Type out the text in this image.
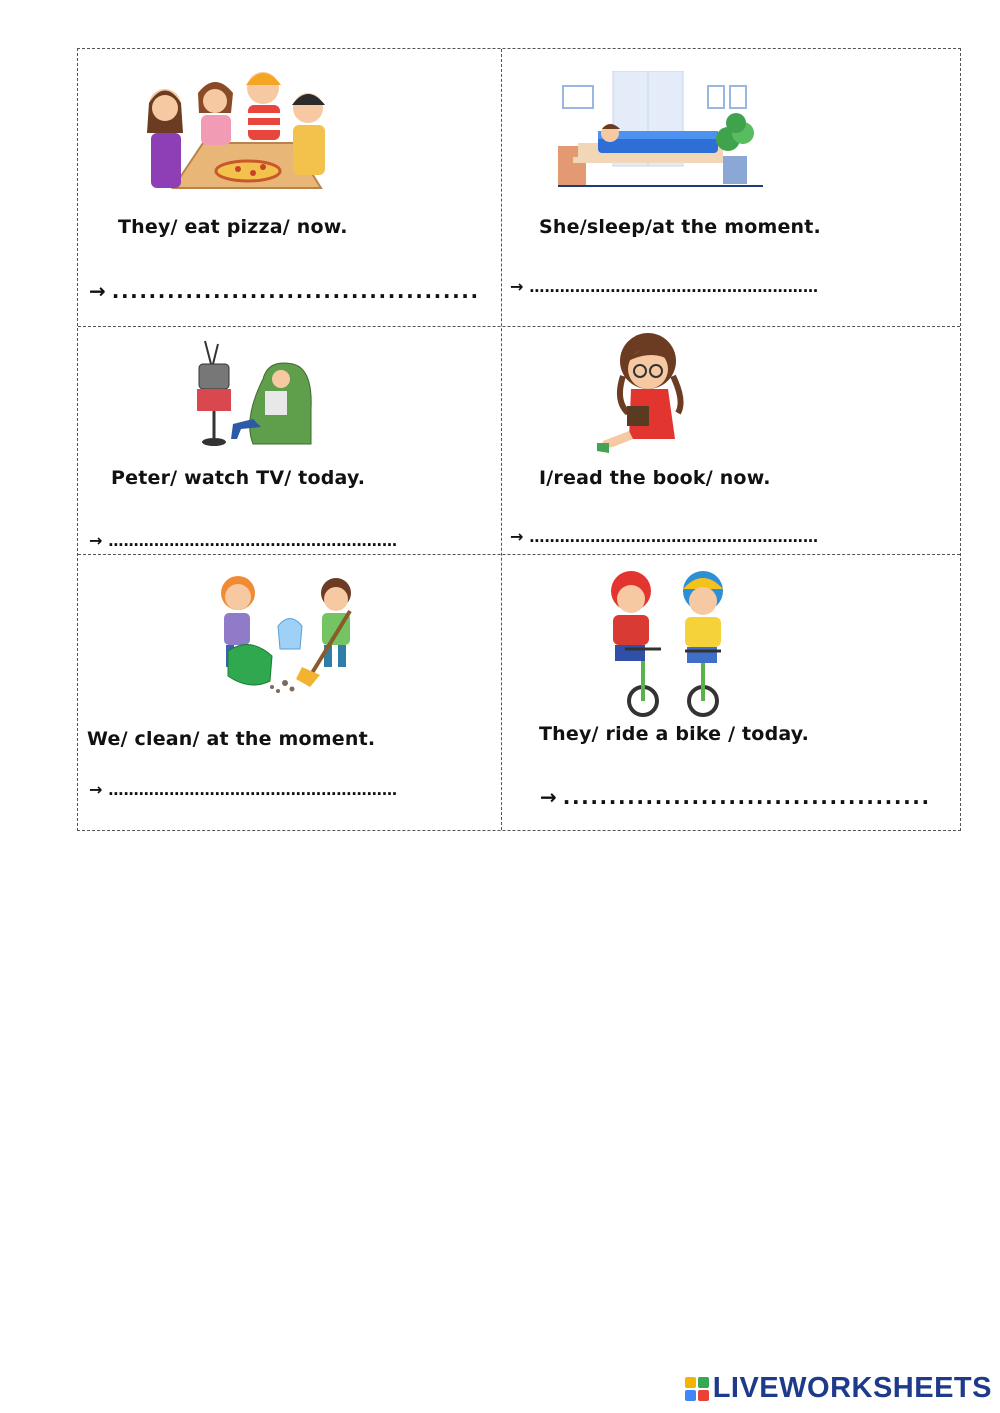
They/ eat pizza/ now.
→ ........................................
She/sleep/at the moment.
→ …………………………………………………
Peter/ watch TV/ today.
→ …………………………………………………
I/read the book/ now.
→ …………………………………………………
We/ clean/ at the moment.
→ …………………………………………………
They/ ride a bike / today.
→ ........................................
LIVEWORKSHEETS
